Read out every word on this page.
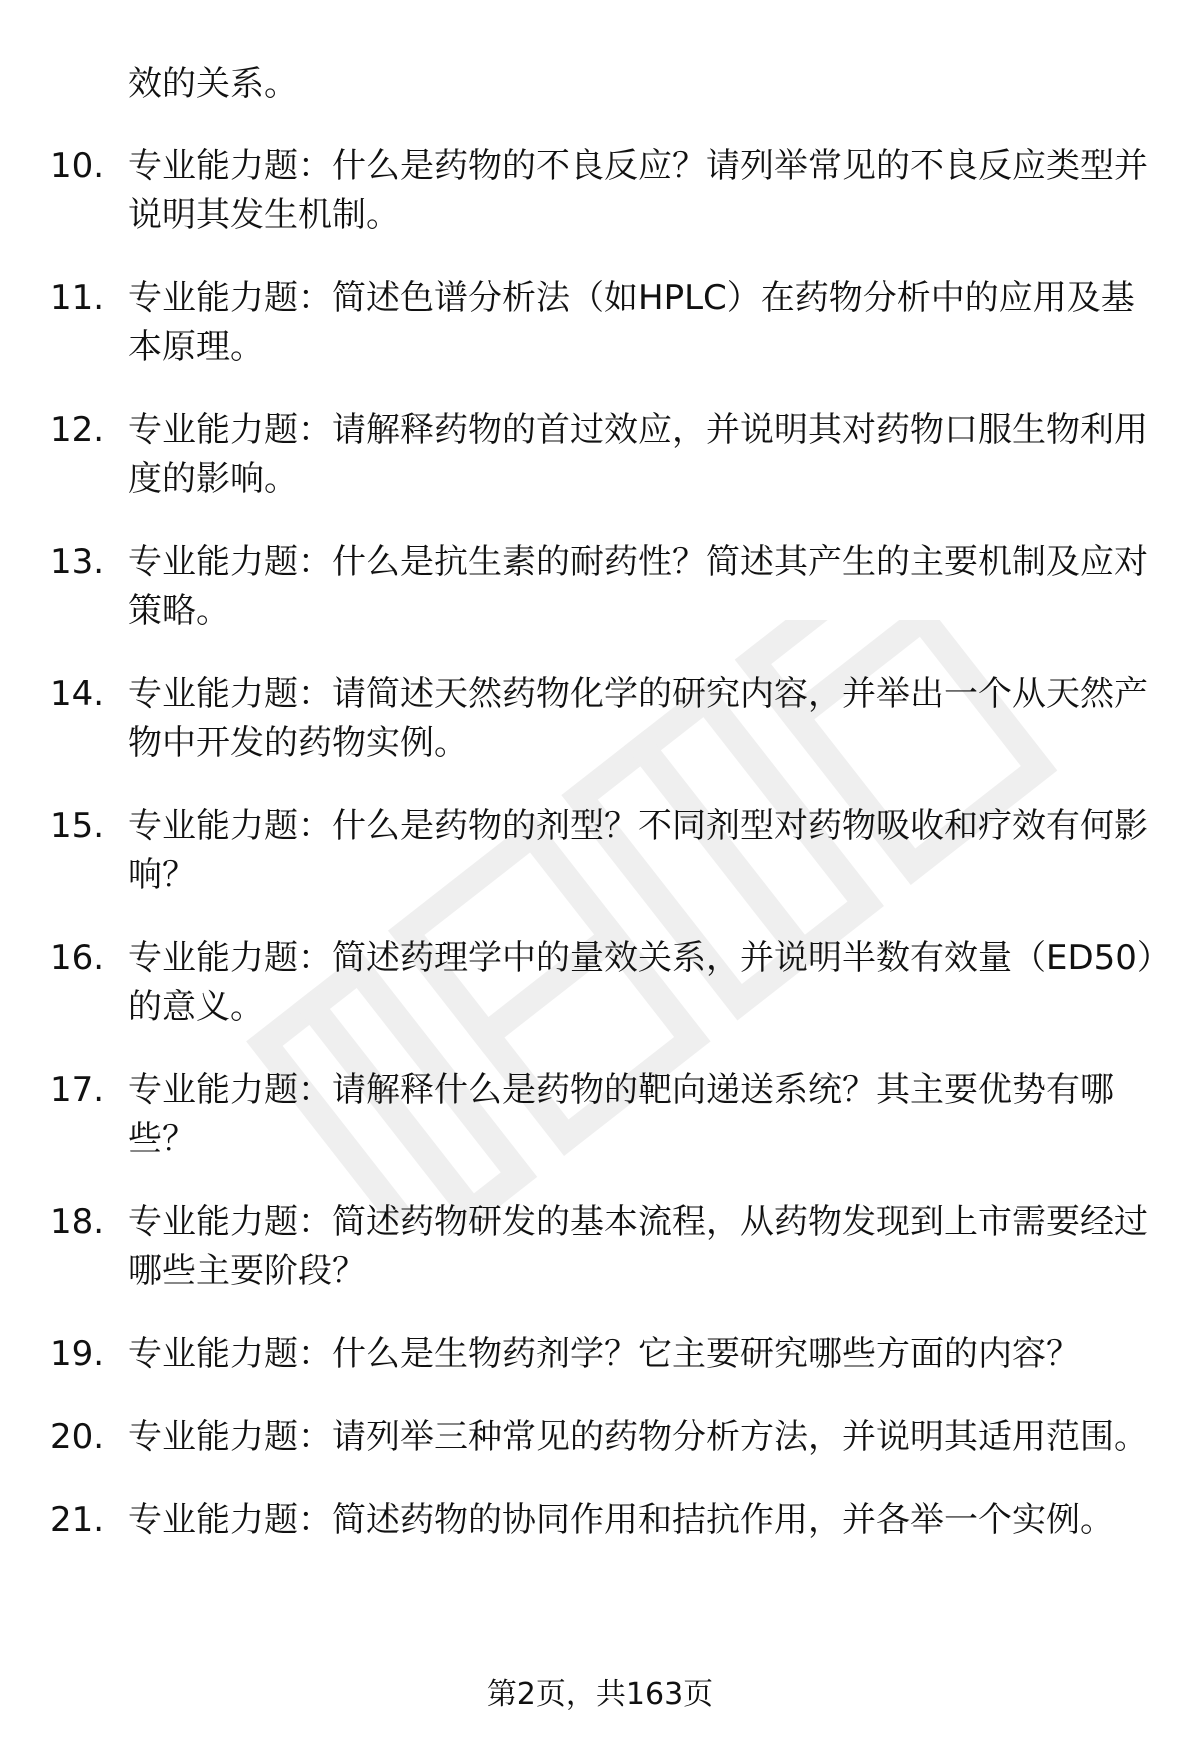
效的关系。

10. 专业能力题：什么是药物的不良反应？请列举常见的不良反应类型并说明其发生机制。
11. 专业能力题：简述色谱分析法（如HPLC）在药物分析中的应用及基本原理。
12. 专业能力题：请解释药物的首过效应，并说明其对药物口服生物利用度的影响。
13. 专业能力题：什么是抗生素的耐药性？简述其产生的主要机制及应对策略。
14. 专业能力题：请简述天然药物化学的研究内容，并举出一个从天然产物中开发的药物实例。
15. 专业能力题：什么是药物的剂型？不同剂型对药物吸收和疗效有何影响？
16. 专业能力题：简述药理学中的量效关系，并说明半数有效量（ED50）的意义。
17. 专业能力题：请解释什么是药物的靶向递送系统？其主要优势有哪些？
18. 专业能力题：简述药物研发的基本流程，从药物发现到上市需要经过哪些主要阶段？
19. 专业能力题：什么是生物药剂学？它主要研究哪些方面的内容？
20. 专业能力题：请列举三种常见的药物分析方法，并说明其适用范围。
21. 专业能力题：简述药物的协同作用和拮抗作用，并各举一个实例。

第2页，共163页
